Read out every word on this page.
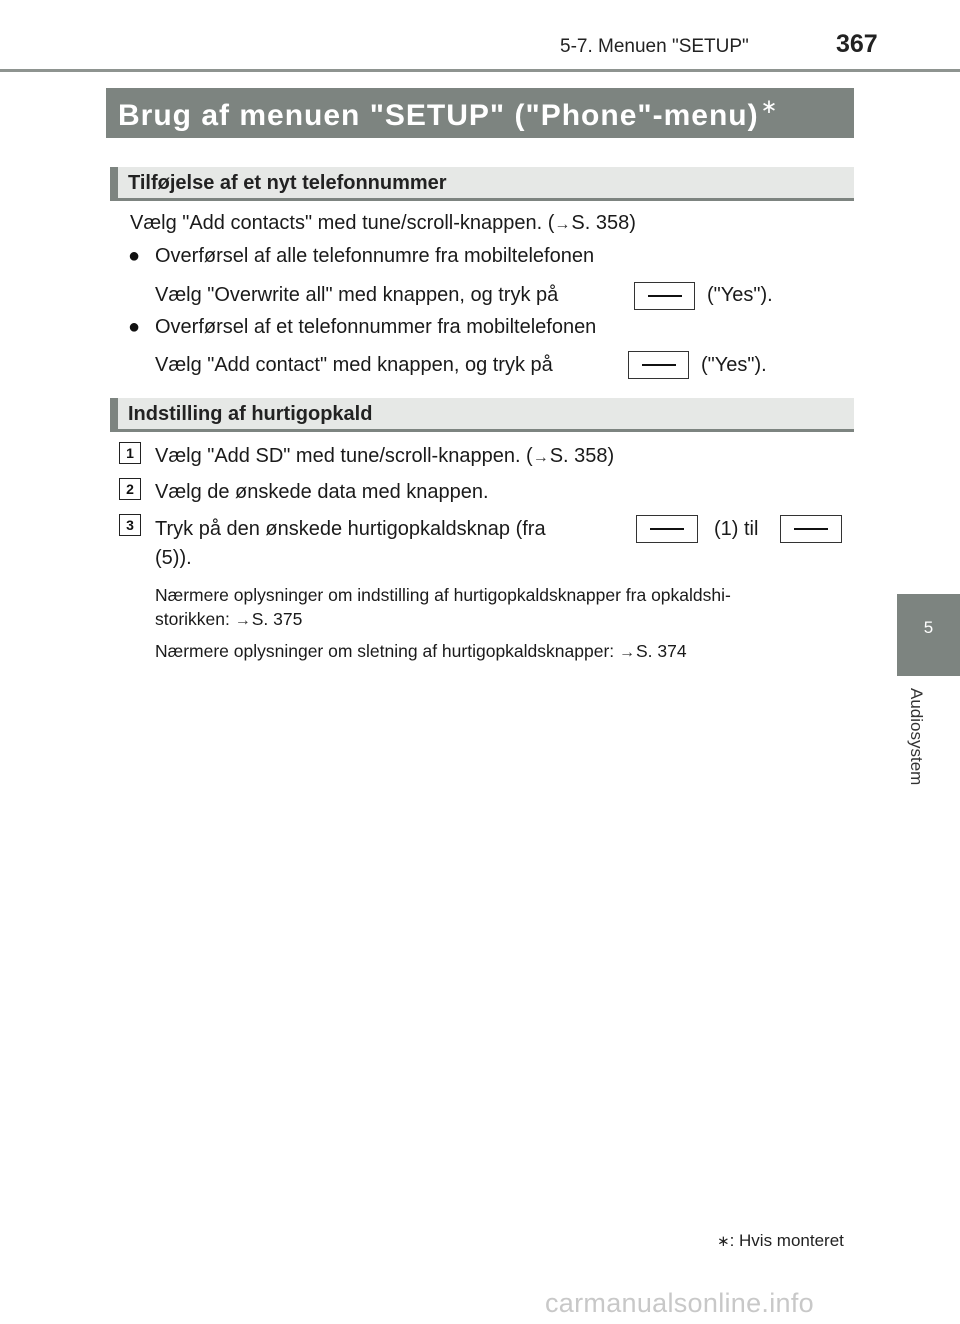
5-7. Menuen "SETUP"	367
5
Audiosystem
Brug af menuen "SETUP" ("Phone"-menu) ∗
Tilføjelse af et nyt telefonnummer
Vælg "Add contacts" med tune/scroll-knappen. (→S. 358)
● Overførsel af alle telefonnumre fra mobiltelefonen
Vælg "Overwrite all" med knappen, og tryk på	("Yes").
● Overførsel af et telefonnummer fra mobiltelefonen
Vælg "Add contact" med knappen, og tryk på	("Yes").
Indstilling af hurtigopkald
1	Vælg "Add SD" med tune/scroll-knappen. (→S. 358)
2	Vælg de ønskede data med knappen.
3	Tryk på den ønskede hurtigopkaldsknap (fra	(1) til
(5)).
Nærmere oplysninger om indstilling af hurtigopkaldsknapper fra opkaldshi-
storikken: →S. 375
Nærmere oplysninger om sletning af hurtigopkaldsknapper: →S. 374
∗: Hvis monteret
carmanualsonline.info
